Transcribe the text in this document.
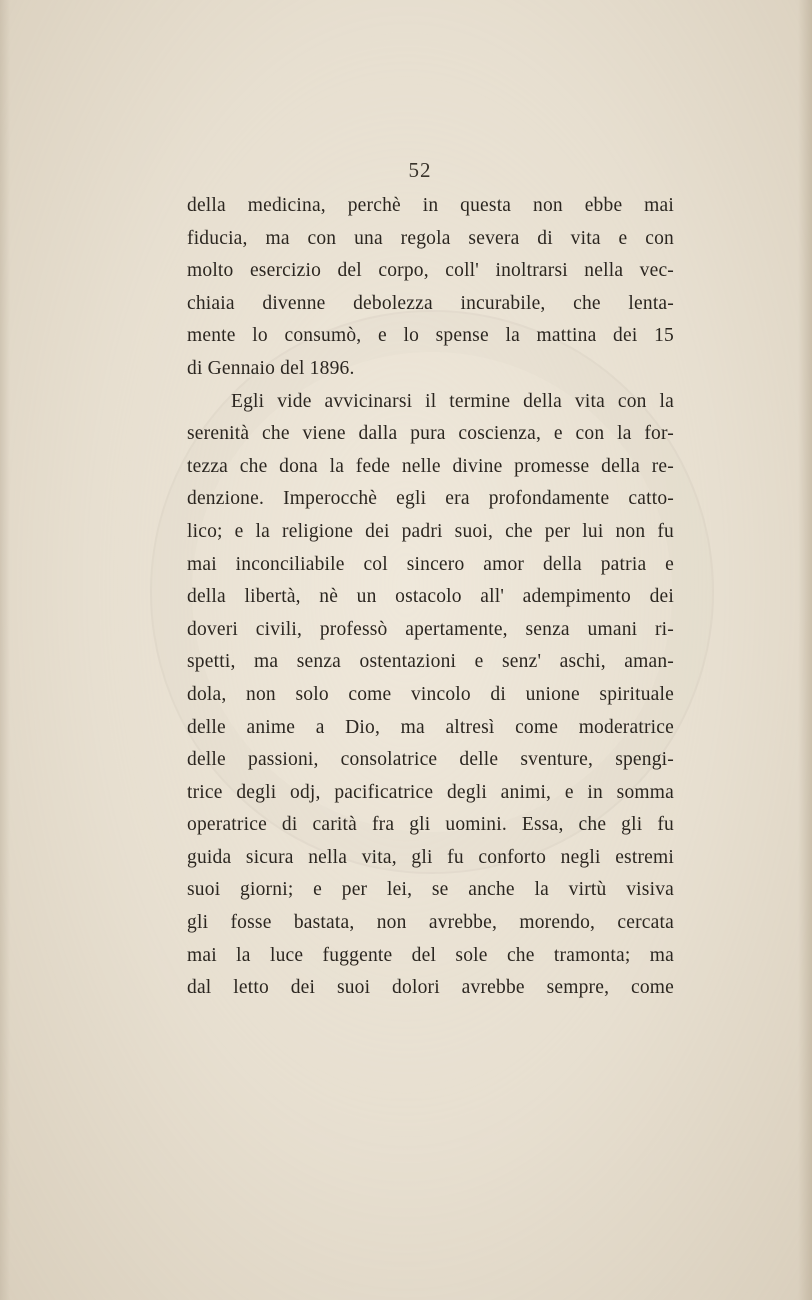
52
della medicina, perchè in questa non ebbe mai
fiducia, ma con una regola severa di vita e con
molto esercizio del corpo, coll' inoltrarsi nella vec-
chiaia divenne debolezza incurabile, che lenta-
mente lo consumò, e lo spense la mattina dei 15
di Gennaio del 1896.
Egli vide avvicinarsi il termine della vita con la
serenità che viene dalla pura coscienza, e con la for-
tezza che dona la fede nelle divine promesse della re-
denzione. Imperocchè egli era profondamente catto-
lico; e la religione dei padri suoi, che per lui non fu
mai inconciliabile col sincero amor della patria e
della libertà, nè un ostacolo all' adempimento dei
doveri civili, professò apertamente, senza umani ri-
spetti, ma senza ostentazioni e senz' aschi, aman-
dola, non solo come vincolo di unione spirituale
delle anime a Dio, ma altresì come moderatrice
delle passioni, consolatrice delle sventure, spengi-
trice degli odj, pacificatrice degli animi, e in somma
operatrice di carità fra gli uomini. Essa, che gli fu
guida sicura nella vita, gli fu conforto negli estremi
suoi giorni; e per lei, se anche la virtù visiva
gli fosse bastata, non avrebbe, morendo, cercata
mai la luce fuggente del sole che tramonta; ma
dal letto dei suoi dolori avrebbe sempre, come
